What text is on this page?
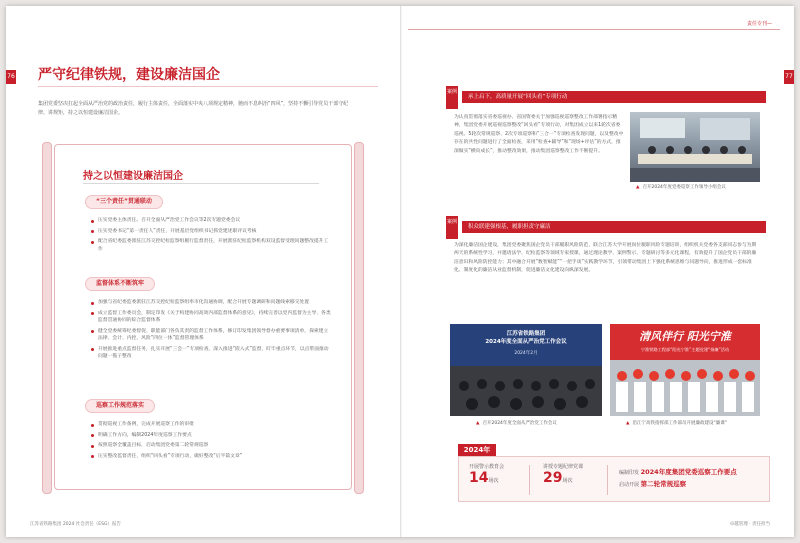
76 严守纪律铁规，建设廉洁国企
集团党委坚决扛起全面从严治党的政治责任，履行主体责任，全面落实中央八项规定精神，驰而不息纠治“四风”，坚持不懈引导党员干部守纪律、讲规矩，持之以恒建设廉洁国企。
持之以恒建设廉洁国企
“三个责任”贯通联动
压实党委主体责任。召开全面从严治党工作会议等2次专题党委会议
压实党委书记“第一责任人”责任，开展基层党组织书记抓党建述职评议考核
配合省纪委监委派驻江苏交控纪检监察组履行监督责任，开展派驻纪检监察机构双设监督受理问题整改提升工作
监督体系不断筑牢
加强与省纪委监委派驻江苏交控纪检监察组率市化沟通协调，配合开展专题调研和问题线索移交处置
成立监督工作委员会，制定印发《关于构建协同高效内部监督体系的意见》，持续完善以党内监督为主导、各类监督贯通协同的综合监督体系
健全党委统筹纪委督促、职能部门各负其责的监督工作体系，修订印发集团领导督办重要事项清单，探索建立法律、会计、内控、风险“四位一体”监督管理体系
开展推进重点监督任务，扎实开展“三会一”专项检查，深入推进“嵌入式”监督，盯牢重点环节，以点带面推动问题一揽子整改
巡察工作规范落实
贯彻巡视工作条例，完成开展巡察工作的审批
明确工作方向，编制2024年度巡察工作要点
按照巡察全覆盖目标，启动集团党委第二轮常规巡察
压实整改监督责任，组织“回头看”专项行动，做好整改“后半篇文章”
江苏省铁路集团 2024 社会责任（ESG）报告
责任专刊—
77
案例
承上启下，高质量开展“回头看”专项行动
为认真贯彻落实省委巡视办、省国资委关于加强巡视巡察整改工作部署指示精神，集团党委开展巡视巡察整改“回头看”专项行动，对集团成立以来1轮次省委巡视、5轮次常规巡察、2次专项巡察和“三合一”专项检查发现问题，以及整改中存在的共性问题进行了全面检查，采用“检查+辅导”和“现场+评估”的方式，推深做实“横向成长”，推动整改效果，推动集团巡察整改工作不断提升。
▲ 召开2024年度党委巡察工作领导小组会议
案例
积众联建强根基，履职担责守廉洁
为深化廉洁国企建设，集团党委聚焦国企党员干部履职风险防范，联合江苏大学开展岗位履职风险专题培训，组织机关党委各支部同志参与为期两天的系统性学习，并邀请法学、纪检监察等领域专家授课，通过理论教学、案例警示、专题研讨等多元化课程，有效提升了国企党员干部的廉洁意识和风险防控能力；其中融合开展“数智赋能”“一把手谈”实践教学环节，引领带动集团上下强化系统思维与问题导向，推进形成一套标准化、制度化的廉洁从业监督机制，促进廉洁文化建设向纵深发展。
江苏省铁路集团
2024年度全面从严治党工作会议
2024年2月
▲ 召开2024年度全面从严治党工作会议
清风伴行 阳光宁淮
宁淮铁路工程部“阳光宁淮”主题党建“扬廉”活动
▲ 沿江宁高铁指挥部工作部员开展廉政建设“廉课”
2024年
开展警示教育会
14场次
讲授专题纪律党课
29场次
编制印发 2024年度集团党委巡察工作要点
启动开展 第二轮常规巡察
卓越管理 · 责任担当
